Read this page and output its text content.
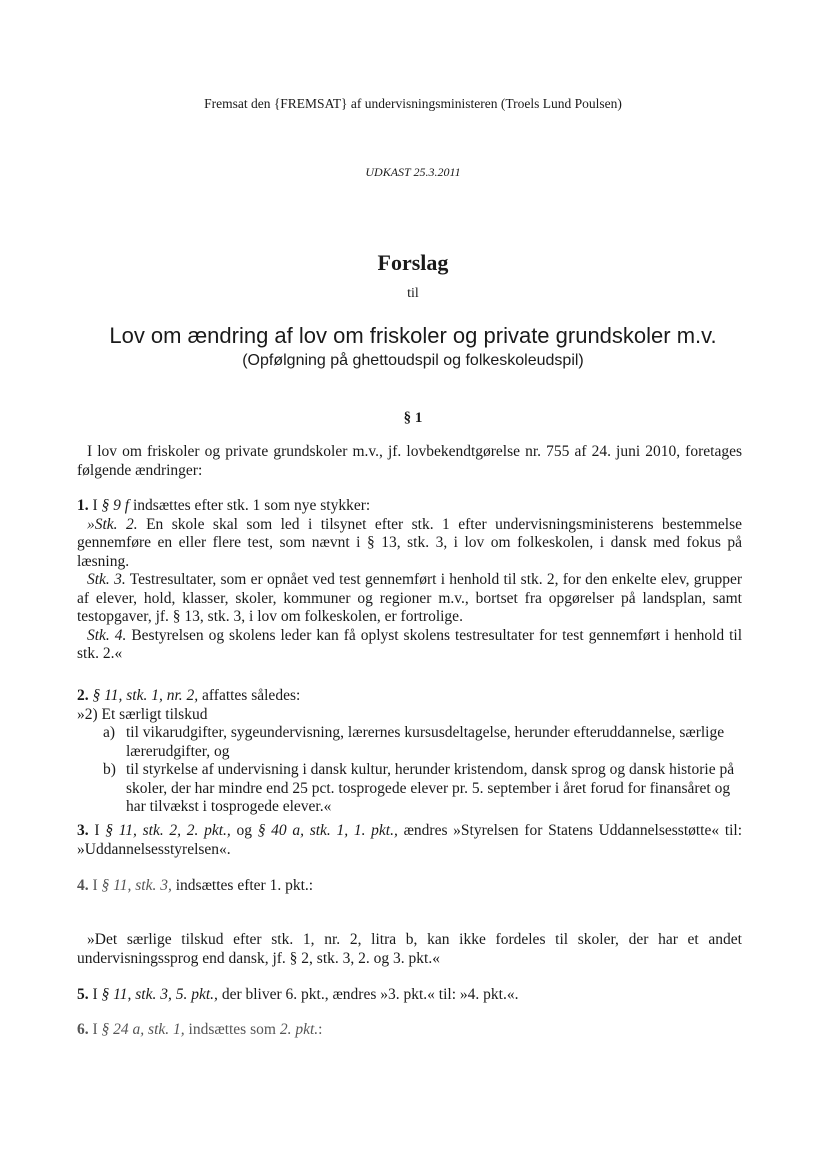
Fremsat den {FREMSAT} af undervisningsministeren (Troels Lund Poulsen)
UDKAST 25.3.2011
Forslag
til
Lov om ændring af lov om friskoler og private grundskoler m.v.
(Opfølgning på ghettoudspil og folkeskoleudspil)
§ 1

I lov om friskoler og private grundskoler m.v., jf. lovbekendtgørelse nr. 755 af 24. juni 2010, foretages følgende ændringer:

1. I § 9 f indsættes efter stk. 1 som nye stykker:

»Stk. 2. En skole skal som led i tilsynet efter stk. 1 efter undervisningsministerens bestemmelse gennemføre en eller flere test, som nævnt i § 13, stk. 3, i lov om folkeskolen, i dansk med fokus på læsning.

Stk. 3. Testresultater, som er opnået ved test gennemført i henhold til stk. 2, for den enkelte elev, grupper af elever, hold, klasser, skoler, kommuner og regioner m.v., bortset fra opgørelser på landsplan, samt testopgaver, jf. § 13, stk. 3, i lov om folkeskolen, er fortrolige.

Stk. 4. Bestyrelsen og skolens leder kan få oplyst skolens testresultater for test gennemført i henhold til stk. 2.«

2. § 11, stk. 1, nr. 2, affattes således:

»2) Et særligt tilskud

a) til vikarudgifter, sygeundervisning, lærernes kursusdeltagelse, herunder efteruddannelse, særlige lærerudgifter, og
b) til styrkelse af undervisning i dansk kultur, herunder kristendom, dansk sprog og dansk historie på skoler, der har mindre end 25 pct. tosprogede elever pr. 5. september i året forud for finansåret og har tilvækst i tosprogede elever.«

3. I § 11, stk. 2, 2. pkt., og § 40 a, stk. 1, 1. pkt., ændres »Styrelsen for Statens Uddannelsesstøtte« til: »Uddannelsesstyrelsen«.

4. I § 11, stk. 3, indsættes efter 1. pkt.:

»Det særlige tilskud efter stk. 1, nr. 2, litra b, kan ikke fordeles til skoler, der har et andet undervisningssprog end dansk, jf. § 2, stk. 3, 2. og 3. pkt.«

5. I § 11, stk. 3, 5. pkt., der bliver 6. pkt., ændres »3. pkt.« til: »4. pkt.«.

6. I § 24 a, stk. 1, indsættes som 2. pkt.:
